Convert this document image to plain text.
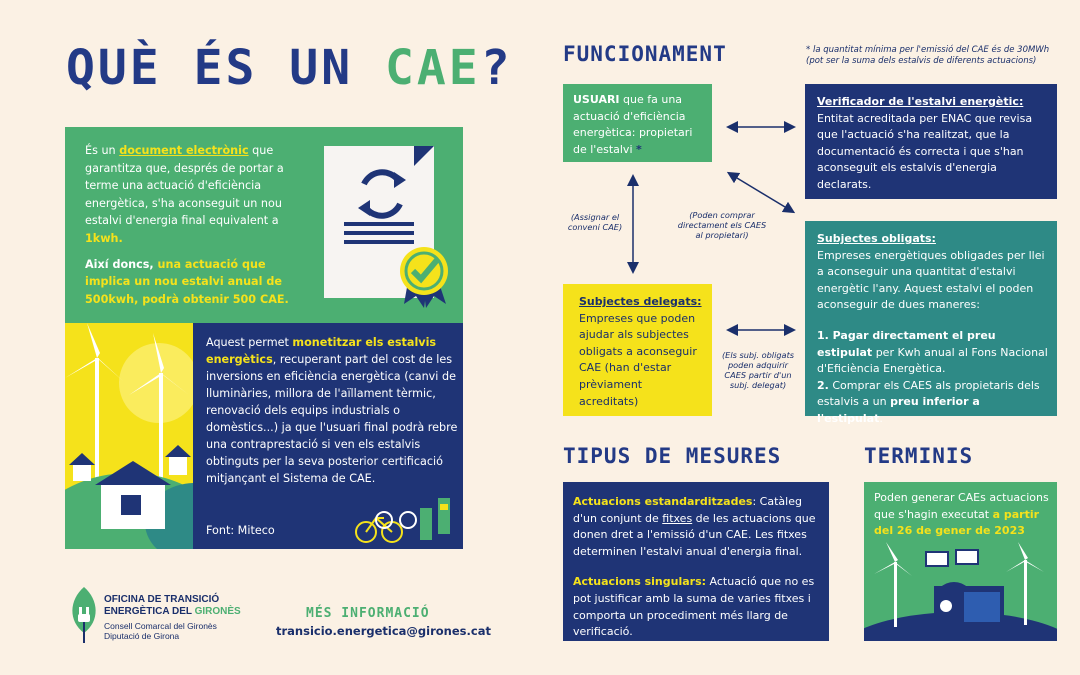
QUÈ ÉS UN CAE?

És un document electrònic que garantitza que, després de portar a terme una actuació d'eficiència energètica, s'ha aconseguit un nou estalvi d'energia final equivalent a 1kwh.

Així doncs, una actuació que implica un nou estalvi anual de 500kwh, podrà obtenir 500 CAE.

Aquest permet monetitzar els estalvis energètics, recuperant part del cost de les inversions en eficiència energètica (canvi de lluminàries, millora de l'aïllament tèrmic, renovació dels equips industrials o domèstics...) ja que l'usuari final podrà rebre una contraprestació si ven els estalvis obtinguts per la seva posterior certificació mitjançant el Sistema de CAE.

Font: Miteco
FUNCIONAMENT	* la quantitat mínima per l'emissió del CAE és de 30MWh (pot ser la suma dels estalvis de diferents actuacions)
USUARI que fa una actuació d'eficiència energètica: propietari de l'estalvi *

Verificador de l'estalvi energètic:

Entitat acreditada per ENAC que revisa que l'actuació s'ha realitzat, que la documentació és correcta i que s'han aconseguit els estalvis d'energia declarats.

Subjectes delegats:

Empreses que poden ajudar als subjectes obligats a aconseguir CAE (han d'estar prèviament acreditats)

Subjectes obligats:

Empreses energètiques obligades per llei a aconseguir una quantitat d'estalvi energètic l'any. Aquest estalvi el poden aconseguir de dues maneres:

1. Pagar directament el preu estipulat per Kwh anual al Fons Nacional d'Eficiència Energètica.

2. Comprar els CAES als propietaris dels estalvis a un preu inferior a l'estipulat.

(Assignar el conveni CAE)
(Poden comprar directament els CAES al propietari)
(Els subj. obligats poden adquirir CAES partir d'un subj. delegat)
TIPUS DE MESURES

Actuacions estandarditzades: Catàleg d'un conjunt de fitxes de les actuacions que donen dret a l'emissió d'un CAE. Les fitxes determinen l'estalvi anual d'energia final.

Actuacions singulars: Actuació que no es pot justificar amb la suma de varies fitxes i comporta un procediment més llarg de verificació.

TERMINIS
Poden generar CAEs actuacions que s'hagin executat a partir del 26 de gener de 2023

OFICINA DE TRANSICIÓ

ENERGÈTICA DEL GIRONÈS

Consell Comarcal del Gironès

Diputació de Girona

MÉS INFORMACIÓ
transicio.energetica@girones.cat
